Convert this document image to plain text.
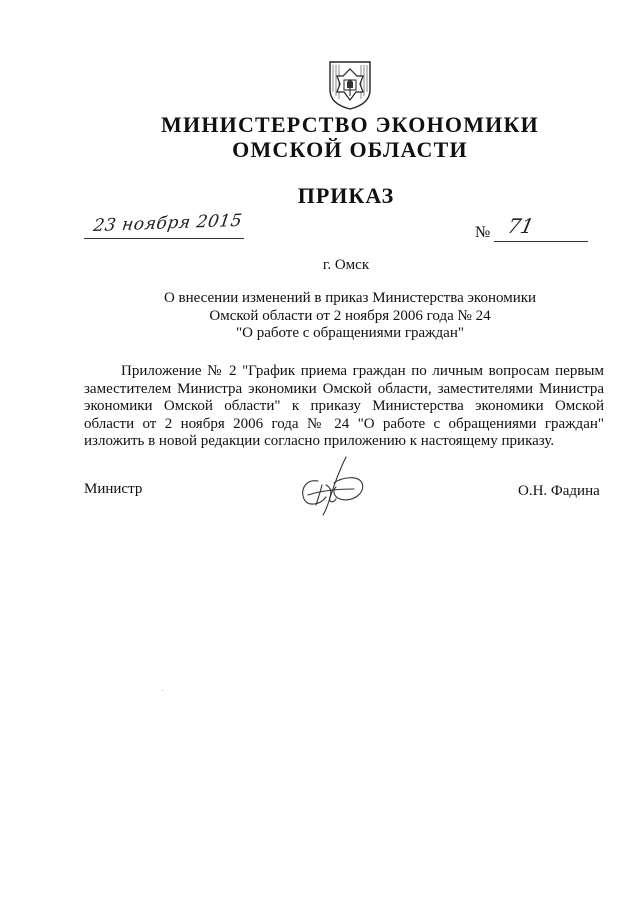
МИНИСТЕРСТВО ЭКОНОМИКИ
ОМСКОЙ ОБЛАСТИ
ПРИКАЗ
23 ноября 2015	№ 71
г. Омск
О внесении изменений в приказ Министерства экономики
Омской области от 2 ноября 2006 года № 24
"О работе с обращениями граждан"
Приложение № 2 "График приема граждан по личным вопросам первым
заместителем Министра экономики Омской области, заместителями Министра
экономики Омской области" к приказу Министерства экономики Омской
области от 2 ноября 2006 года № 24 "О работе с обращениями граждан"
изложить в новой редакции согласно приложению к настоящему приказу.
Министр	О.Н. Фадина
